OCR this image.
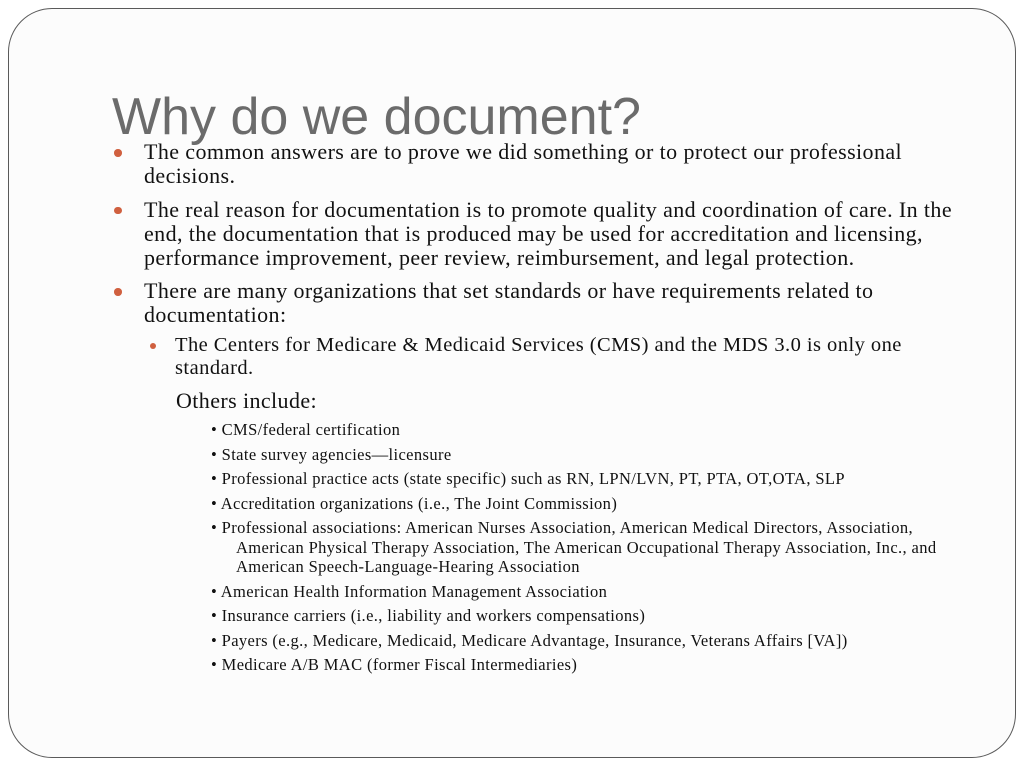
Why do we document?
The common answers are to prove we did something or to protect our professional
decisions.
The real reason for documentation is to promote quality and coordination of care. In the
end, the documentation that is produced may be used for accreditation and licensing,
performance improvement, peer review, reimbursement, and legal protection.
There are many organizations that set standards or have requirements related to
documentation:
The Centers for Medicare & Medicaid Services (CMS) and the MDS 3.0 is only one
standard.
Others include:
• CMS/federal certification
• State survey agencies—licensure
• Professional practice acts (state specific) such as RN, LPN/LVN, PT, PTA, OT,OTA, SLP
• Accreditation organizations (i.e., The Joint Commission)
• Professional associations: American Nurses Association, American Medical Directors, Association,
American Physical Therapy Association, The American Occupational Therapy Association, Inc., and
American Speech-Language-Hearing Association
• American Health Information Management Association
• Insurance carriers (i.e., liability and workers compensations)
• Payers (e.g., Medicare, Medicaid, Medicare Advantage, Insurance, Veterans Affairs [VA])
• Medicare A/B MAC (former Fiscal Intermediaries)
